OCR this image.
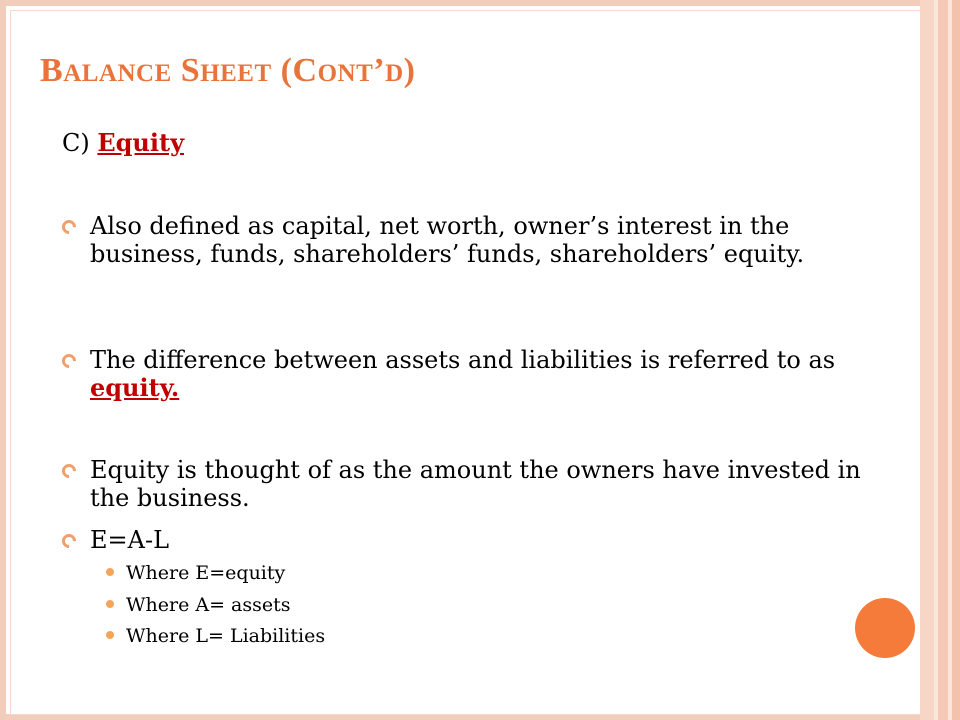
BALANCE SHEET (CONT’D)
C) Equity
Also defined as capital, net worth, owner’s interest in the business, funds, shareholders’ funds, shareholders’ equity.
The difference between assets and liabilities is referred to as equity.
Equity is thought of as the amount the owners have invested in the business.
E=A-L
Where E=equity
Where A= assets
Where L= Liabilities
